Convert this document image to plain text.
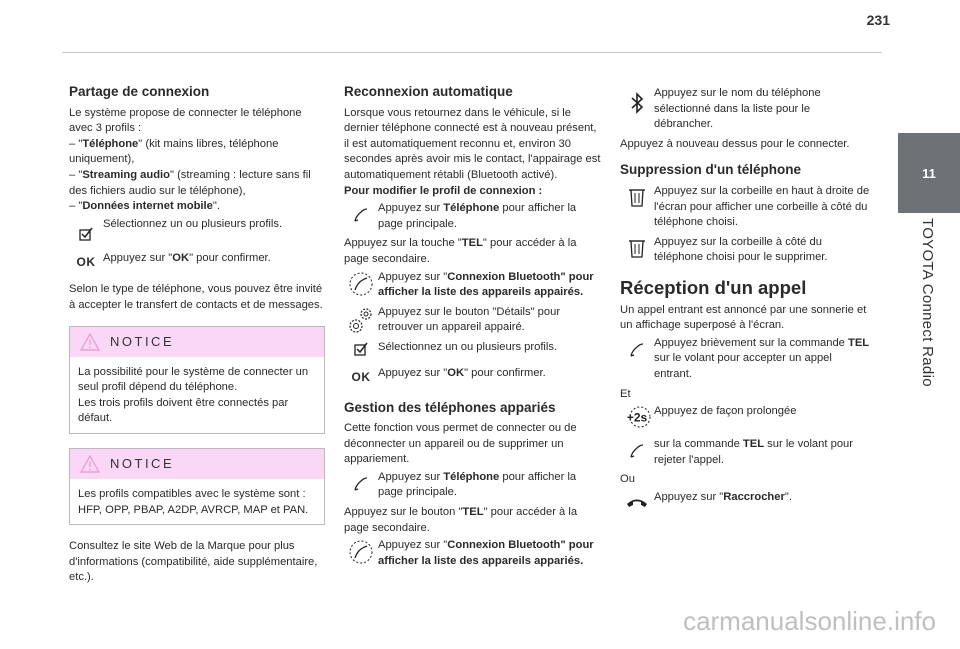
231
11
TOYOTA Connect Radio
Partage de connexion

Le système propose de connecter le téléphone avec 3 profils :

– "Téléphone" (kit mains libres, téléphone uniquement),
– "Streaming audio" (streaming : lecture sans fil des fichiers audio sur le téléphone),
– "Données internet mobile".
Sélectionnez un ou plusieurs profils.
OK Appuyez sur "OK" pour confirmer.

Selon le type de téléphone, vous pouvez être invité à accepter le transfert de contacts et de messages.

NOTICE

La possibilité pour le système de connecter un seul profil dépend du téléphone.

Les trois profils doivent être connectés par défaut.

NOTICE

Les profils compatibles avec le système sont : HFP, OPP, PBAP, A2DP, AVRCP, MAP et PAN.

Consultez le site Web de la Marque pour plus d'informations (compatibilité, aide supplémentaire, etc.).

Reconnexion automatique

Lorsque vous retournez dans le véhicule, si le dernier téléphone connecté est à nouveau présent, il est automatiquement reconnu et, environ 30 secondes après avoir mis le contact, l'appairage est automatiquement rétabli (Bluetooth activé).

Pour modifier le profil de connexion :
Appuyez sur Téléphone pour afficher la page principale.
Appuyez sur la touche "TEL" pour accéder à la page secondaire.
Appuyez sur "Connexion Bluetooth" pour afficher la liste des appareils appairés.
Appuyez sur le bouton "Détails" pour retrouver un appareil appairé.
Sélectionnez un ou plusieurs profils.
OK Appuyez sur "OK" pour confirmer.
Gestion des téléphones appariés

Cette fonction vous permet de connecter ou de déconnecter un appareil ou de supprimer un appariement.

Appuyez sur Téléphone pour afficher la page principale.
Appuyez sur le bouton "TEL" pour accéder à la page secondaire.
Appuyez sur "Connexion Bluetooth" pour afficher la liste des appareils appariés.
Appuyez sur le nom du téléphone sélectionné dans la liste pour le débrancher.

Appuyez à nouveau dessus pour le connecter.

Suppression d'un téléphone
Appuyez sur la corbeille en haut à droite de l'écran pour afficher une corbeille à côté du téléphone choisi.
Appuyez sur la corbeille à côté du téléphone choisi pour le supprimer.
Réception d'un appel

Un appel entrant est annoncé par une sonnerie et un affichage superposé à l'écran.

Appuyez brièvement sur la commande TEL sur le volant pour accepter un appel entrant.
Et
+2s Appuyez de façon prolongée
sur la commande TEL sur le volant pour rejeter l'appel.
Ou
Appuyez sur "Raccrocher".
carmanualsonline.info
